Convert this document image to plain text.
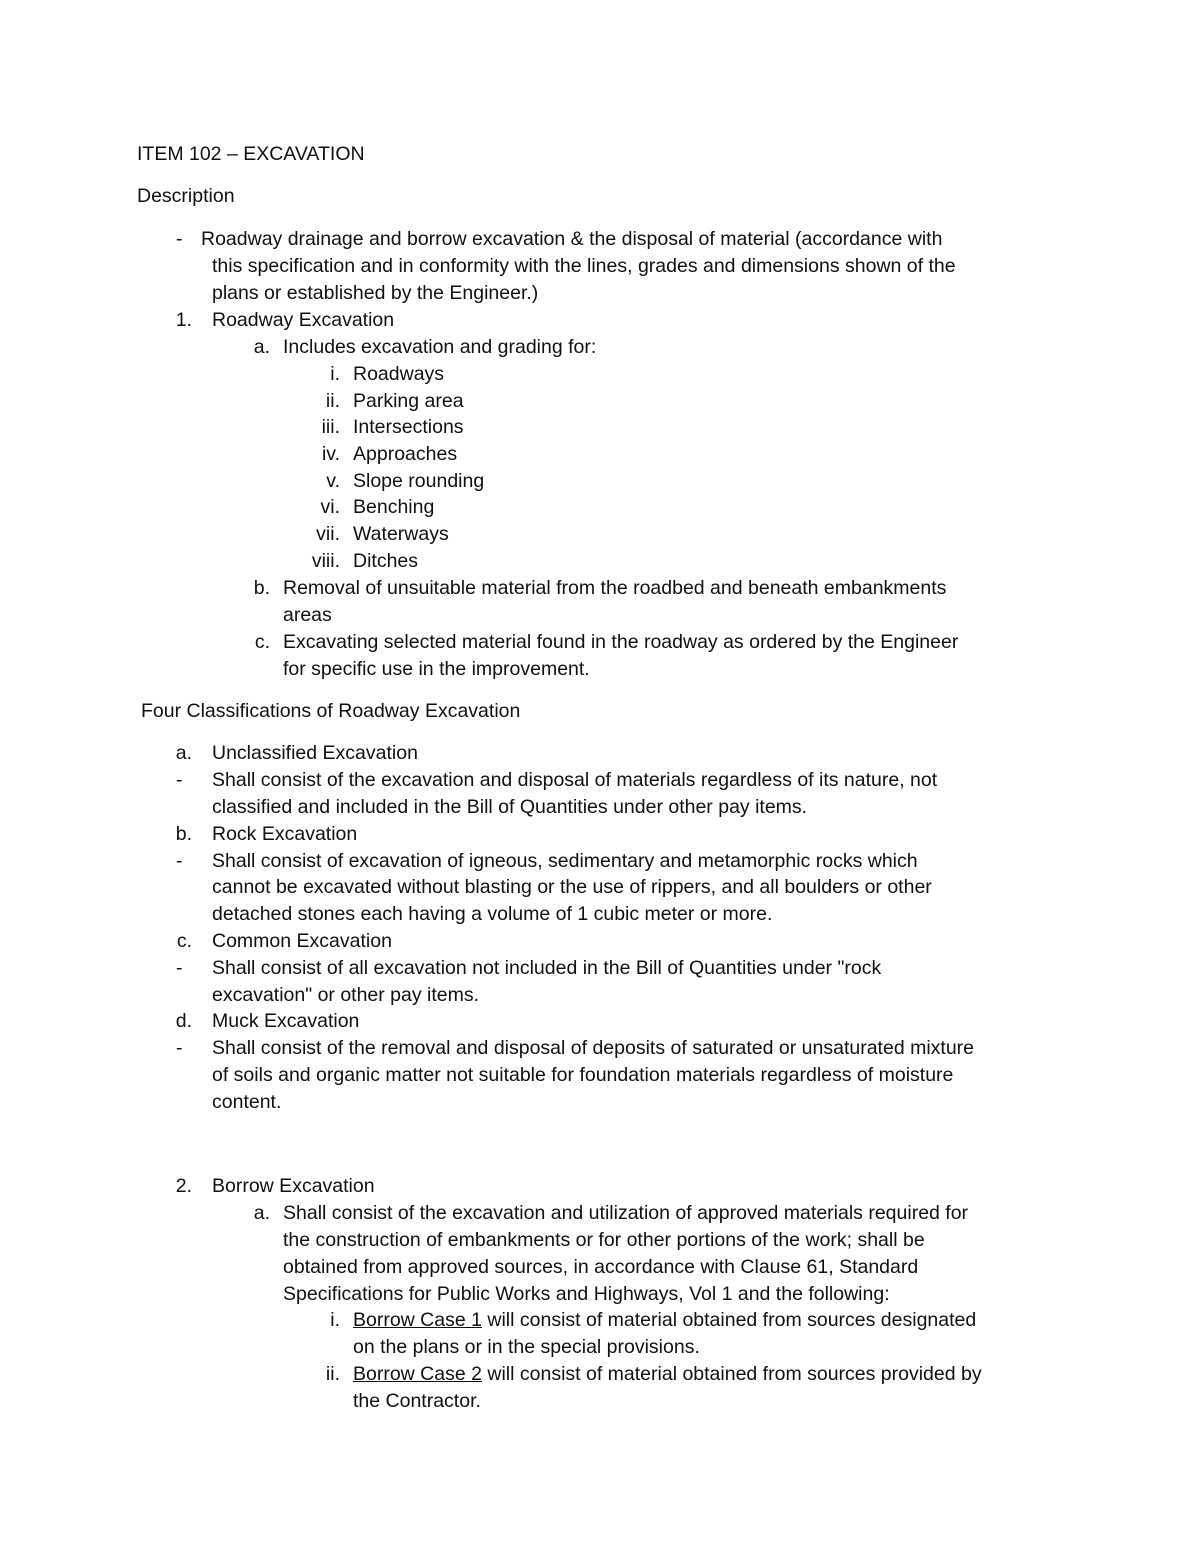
ITEM 102 – EXCAVATION

Description

- Roadway drainage and borrow excavation & the disposal of material (accordance with

this specification and in conformity with the lines, grades and dimensions shown of the

plans or established by the Engineer.)

1. Roadway Excavation

a. Includes excavation and grading for:

i. Roadways

ii. Parking area

iii. Intersections

iv. Approaches

v. Slope rounding

vi. Benching

vii. Waterways

viii. Ditches

b. Removal of unsuitable material from the roadbed and beneath embankments

areas

c. Excavating selected material found in the roadway as ordered by the Engineer

for specific use in the improvement.

Four Classifications of Roadway Excavation

a. Unclassified Excavation

- Shall consist of the excavation and disposal of materials regardless of its nature, not

classified and included in the Bill of Quantities under other pay items.

b. Rock Excavation

- Shall consist of excavation of igneous, sedimentary and metamorphic rocks which

cannot be excavated without blasting or the use of rippers, and all boulders or other

detached stones each having a volume of 1 cubic meter or more.

c. Common Excavation

- Shall consist of all excavation not included in the Bill of Quantities under "rock

excavation" or other pay items.

d. Muck Excavation

- Shall consist of the removal and disposal of deposits of saturated or unsaturated mixture

of soils and organic matter not suitable for foundation materials regardless of moisture

content.

2. Borrow Excavation

a. Shall consist of the excavation and utilization of approved materials required for

the construction of embankments or for other portions of the work; shall be

obtained from approved sources, in accordance with Clause 61, Standard

Specifications for Public Works and Highways, Vol 1 and the following:

i. Borrow Case 1 will consist of material obtained from sources designated

on the plans or in the special provisions.

ii. Borrow Case 2 will consist of material obtained from sources provided by

the Contractor.
